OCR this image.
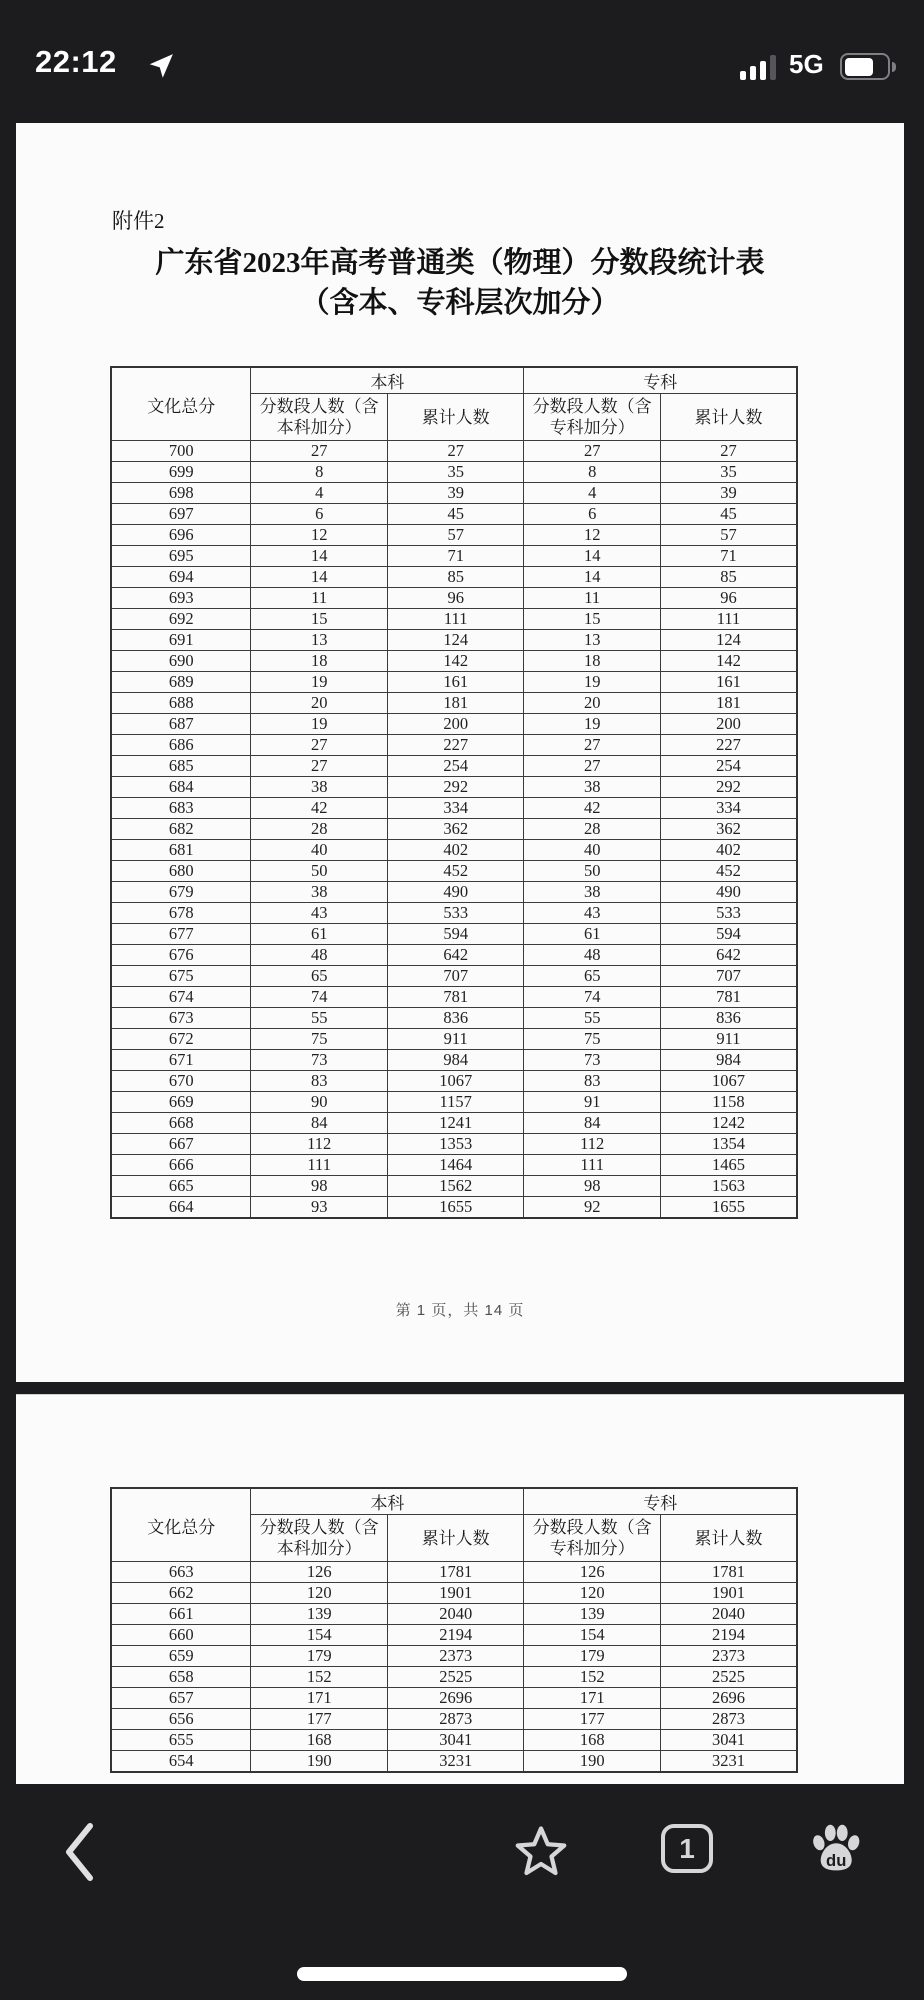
22:12	5G
附件2
广东省2023年高考普通类（物理）分数段统计表
（含本、专科层次加分）
文化总分	本科		专科	
	分数段人数（含本科加分）	累计人数	分数段人数（含专科加分）	累计人数
700	27	27	27	27
699	8	35	8	35
698	4	39	4	39
697	6	45	6	45
696	12	57	12	57
695	14	71	14	71
694	14	85	14	85
693	11	96	11	96
692	15	111	15	111
691	13	124	13	124
690	18	142	18	142
689	19	161	19	161
688	20	181	20	181
687	19	200	19	200
686	27	227	27	227
685	27	254	27	254
684	38	292	38	292
683	42	334	42	334
682	28	362	28	362
681	40	402	40	402
680	50	452	50	452
679	38	490	38	490
678	43	533	43	533
677	61	594	61	594
676	48	642	48	642
675	65	707	65	707
674	74	781	74	781
673	55	836	55	836
672	75	911	75	911
671	73	984	73	984
670	83	1067	83	1067
669	90	1157	91	1158
668	84	1241	84	1242
667	112	1353	112	1354
666	111	1464	111	1465
665	98	1562	98	1563
664	93	1655	92	1655
第 1 页，共 14 页
文化总分	本科		专科	
	分数段人数（含本科加分）	累计人数	分数段人数（含专科加分）	累计人数
663	126	1781	126	1781
662	120	1901	120	1901
661	139	2040	139	2040
660	154	2194	154	2194
659	179	2373	179	2373
658	152	2525	152	2525
657	171	2696	171	2696
656	177	2873	177	2873
655	168	3041	168	3041
654	190	3231	190	3231
1	du
